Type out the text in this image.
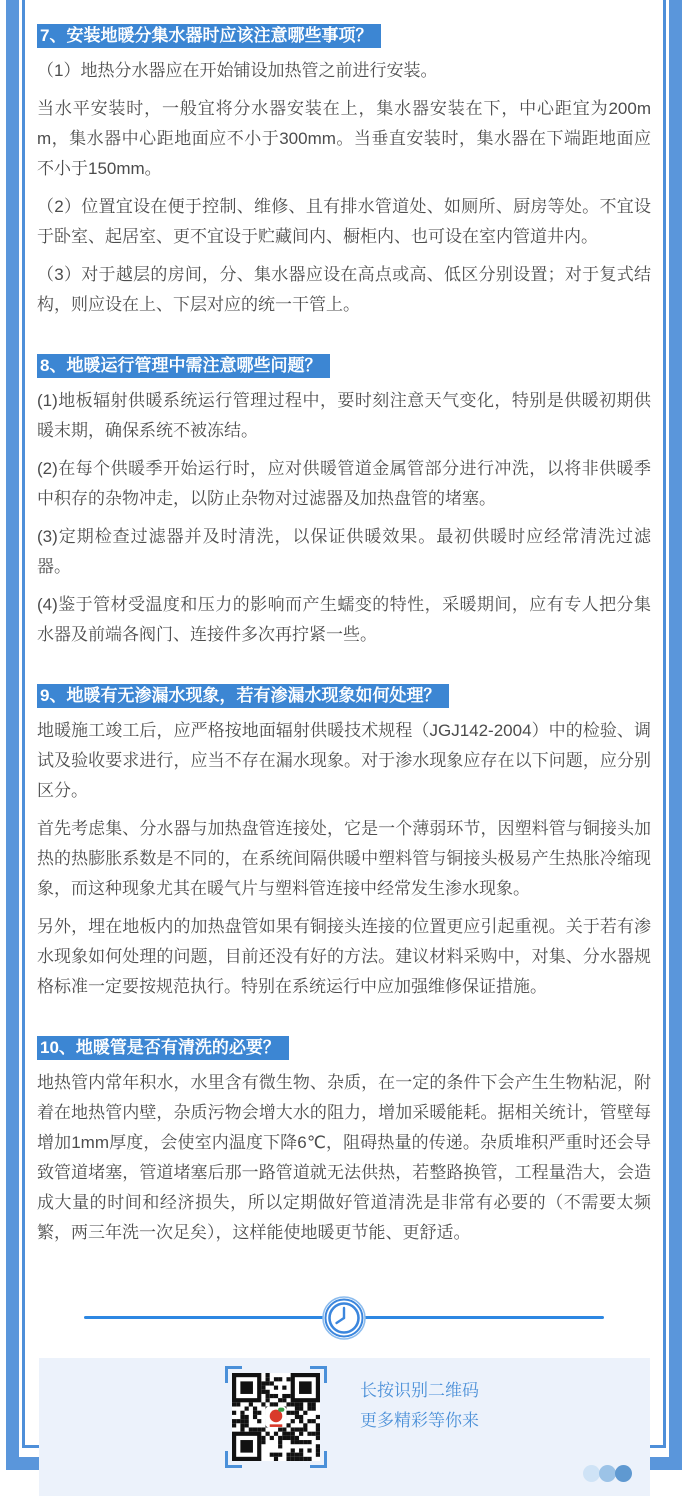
7、安装地暖分集水器时应该注意哪些事项？

（1）地热分水器应在开始铺设加热管之前进行安装。

当水平安装时，一般宜将分水器安装在上，集水器安装在下，中心距宜为200mm，集水器中心距地面应不小于300mm。当垂直安装时，集水器在下端距地面应不小于150mm。

（2）位置宜设在便于控制、维修、且有排水管道处、如厕所、厨房等处。不宜设于卧室、起居室、更不宜设于贮藏间内、橱柜内、也可设在室内管道井内。

（3）对于越层的房间，分、集水器应设在高点或高、低区分别设置；对于复式结构，则应设在上、下层对应的统一干管上。

8、地暖运行管理中需注意哪些问题？

(1)地板辐射供暖系统运行管理过程中，要时刻注意天气变化，特别是供暖初期供暖末期，确保系统不被冻结。

(2)在每个供暖季开始运行时，应对供暖管道金属管部分进行冲洗，以将非供暖季中积存的杂物冲走，以防止杂物对过滤器及加热盘管的堵塞。

(3)定期检查过滤器并及时清洗，以保证供暖效果。最初供暖时应经常清洗过滤器。

(4)鉴于管材受温度和压力的影响而产生蠕变的特性，采暖期间，应有专人把分集水器及前端各阀门、连接件多次再拧紧一些。

9、地暖有无渗漏水现象，若有渗漏水现象如何处理？

地暖施工竣工后，应严格按地面辐射供暖技术规程（JGJ142-2004）中的检验、调试及验收要求进行，应当不存在漏水现象。对于渗水现象应存在以下问题，应分别区分。

首先考虑集、分水器与加热盘管连接处，它是一个薄弱环节，因塑料管与铜接头加热的热膨胀系数是不同的，在系统间隔供暖中塑料管与铜接头极易产生热胀冷缩现象，而这种现象尤其在暖气片与塑料管连接中经常发生渗水现象。

另外，埋在地板内的加热盘管如果有铜接头连接的位置更应引起重视。关于若有渗水现象如何处理的问题，目前还没有好的方法。建议材料采购中，对集、分水器规格标准一定要按规范执行。特别在系统运行中应加强维修保证措施。

10、地暖管是否有清洗的必要？

地热管内常年积水，水里含有微生物、杂质，在一定的条件下会产生生物粘泥，附着在地热管内壁，杂质污物会增大水的阻力，增加采暖能耗。据相关统计，管壁每增加1mm厚度，会使室内温度下降6℃，阻碍热量的传递。杂质堆积严重时还会导致管道堵塞，管道堵塞后那一路管道就无法供热，若整路换管，工程量浩大，会造成大量的时间和经济损失，所以定期做好管道清洗是非常有必要的（不需要太频繁，两三年洗一次足矣），这样能使地暖更节能、更舒适。

长按识别二维码
更多精彩等你来
